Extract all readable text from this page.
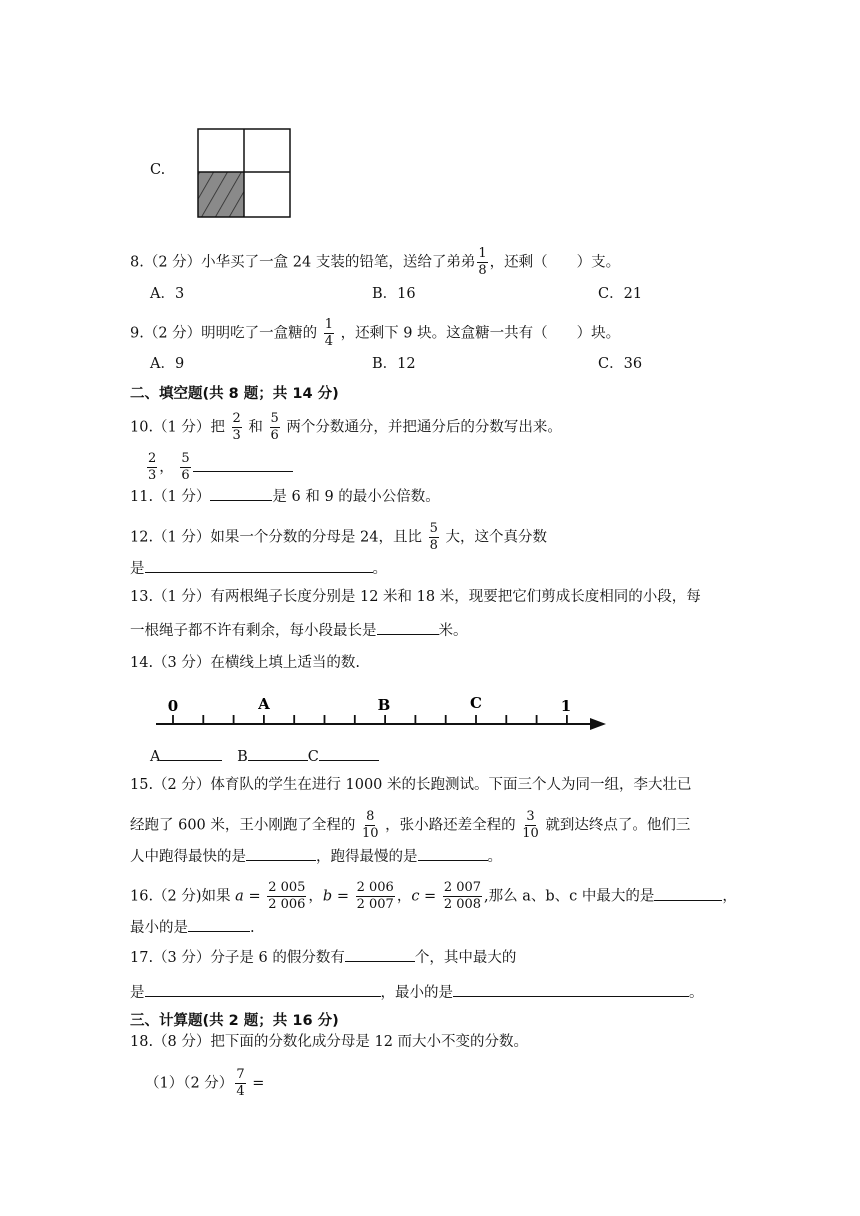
C.
8.（2 分）小华买了一盒 24 支装的铅笔，送给了弟弟 $\frac{1}{8}$ ，还剩（　　）支。
A．3	B．16	C．21
9.（2 分）明明吃了一盒糖的 $\frac{1}{4}$ ，还剩下 9 块。这盒糖一共有（　　）块。
A．9	B．12	C．36
二、填空题(共 8 题；共 14 分)
10.（1 分）把 $\frac{2}{3}$ 和 $\frac{5}{6}$ 两个分数通分，并把通分后的分数写出来。
$\frac{2}{3}$ ， $\frac{5}{6}$
11.（1 分）	是 6 和 9 的最小公倍数。
12.（1 分）如果一个分数的分母是 24，且比 $\frac{5}{8}$ 大，这个真分数
是	。
13.（1 分）有两根绳子长度分别是 12 米和 18 米，现要把它们剪成长度相同的小段，每
一根绳子都不许有剩余，每小段最长是	米。
14.（3 分）在横线上填上适当的数.
0	A	B	C	1
A	B	C
15.（2 分）体育队的学生在进行 1000 米的长跑测试。下面三个人为同一组，李大壮已
经跑了 600 米，王小刚跑了全程的 $\frac{8}{10}$ ，张小路还差全程的 $\frac{3}{10}$ 就到达终点了。他们三
人中跑得最快的是	，跑得最慢的是	。
16.（2 分)如果 $a = \frac{2 005}{2 006}$ ，$b = \frac{2 006}{2 007}$ ，$c = \frac{2 007}{2 008}$ ,那么 a、b、c 中最大的是	，
最小的是	.
17.（3 分）分子是 6 的假分数有	个，其中最大的
是	，最小的是	。
三、计算题(共 2 题；共 16 分)
18.（8 分）把下面的分数化成分母是 12 而大小不变的分数。
（1）（2 分） $\frac{7}{4}$ =
